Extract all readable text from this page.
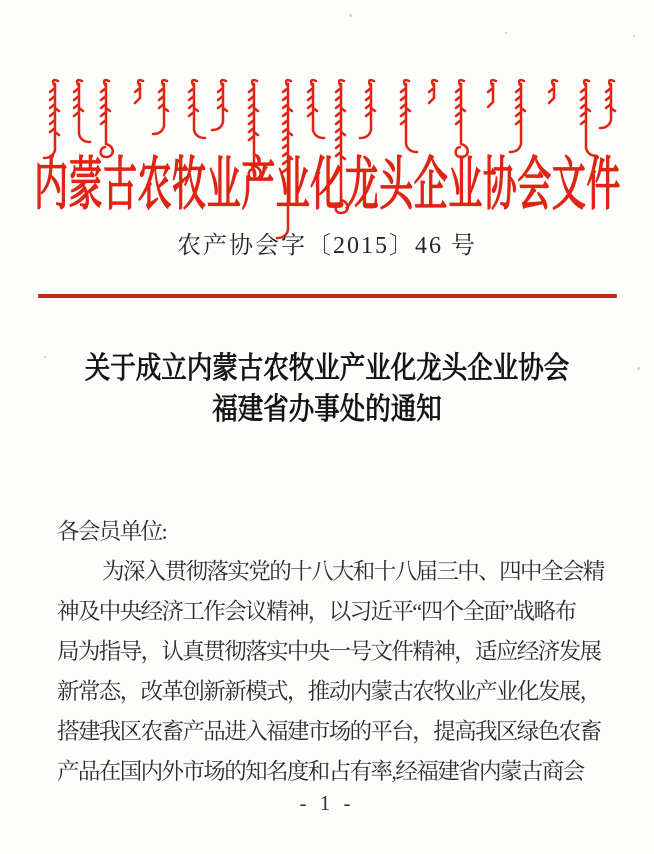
内蒙古农牧业产业化龙头企业协会文件
农产协会字〔2015〕46 号
关于成立内蒙古农牧业产业化龙头企业协会
福建省办事处的通知
各会员单位:
为深入贯彻落实党的十八大和十八届三中、四中全会精
神及中央经济工作会议精神，以习近平“四个全面”战略布
局为指导，认真贯彻落实中央一号文件精神，适应经济发展
新常态，改革创新新模式，推动内蒙古农牧业产业化发展，
搭建我区农畜产品进入福建市场的平台，提高我区绿色农畜
产品在国内外市场的知名度和占有率,经福建省内蒙古商会
- 1 -
